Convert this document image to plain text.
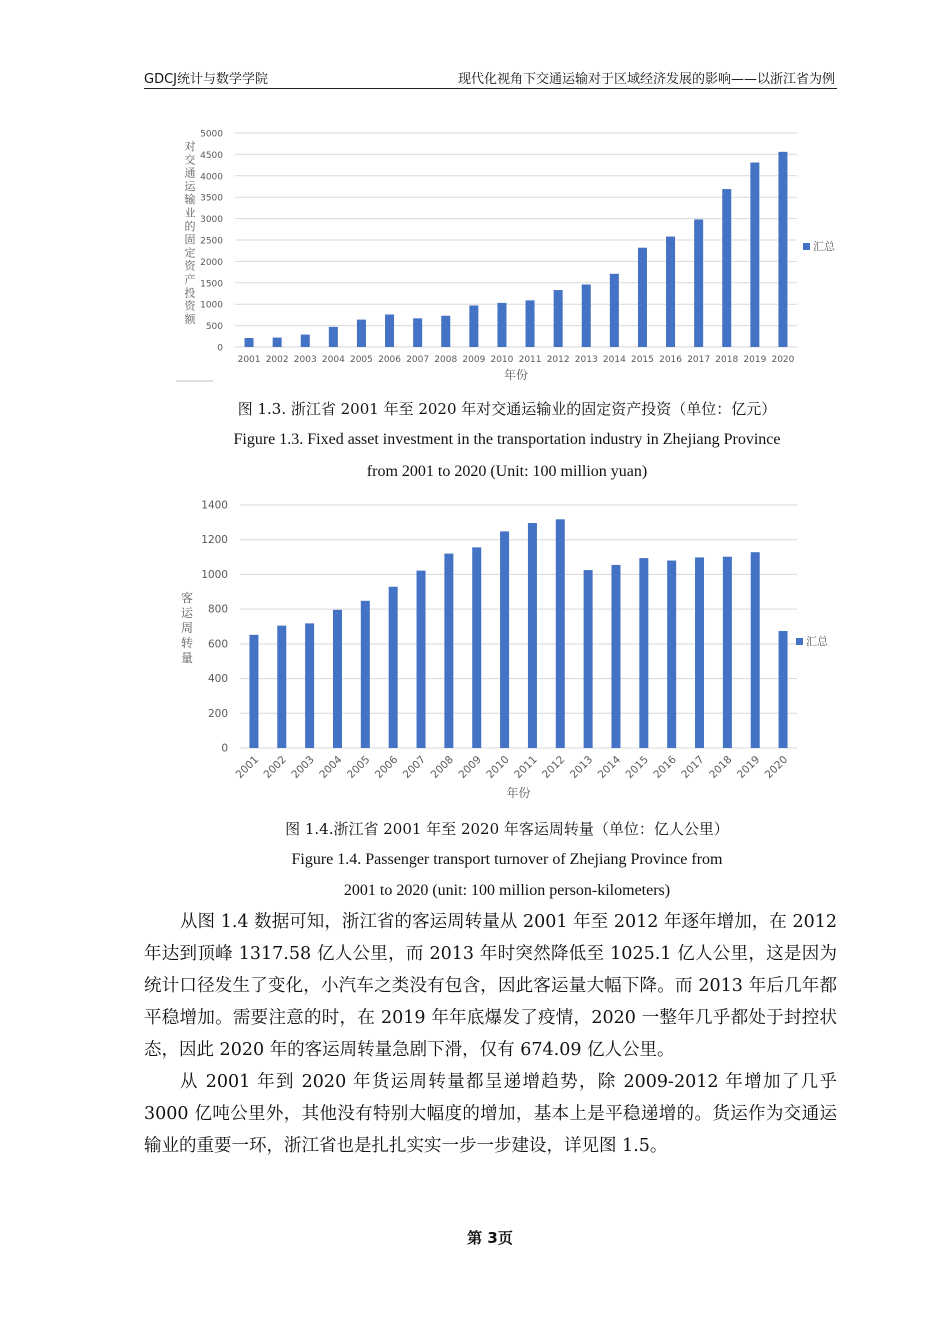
GDCJ统计与数学学院	现代化视角下交通运输对于区域经济发展的影响——以浙江省为例
0
500
1000
1500
2000
2500
3000
3500
4000
4500
5000
2001 2002 2003 2004 2005 2006 2007 2008 2009 2010 2011 2012 2013 2014 2015 2016 2017 2018 2019 2020
年份
对交通运输业的固定资产投资额
汇总
图 1.3. 浙江省 2001 年至 2020 年对交通运输业的固定资产投资（单位：亿元）
Figure 1.3. Fixed asset investment in the transportation industry in Zhejiang Province
from 2001 to 2020 (Unit: 100 million yuan)
0
200
400
600
800
1000
1200
1400
2001 2002 2003 2004 2005 2006 2007 2008 2009 2010 2011 2012 2013 2014 2015 2016 2017 2018 2019 2020
年份
客运周转量
汇总
图 1.4.浙江省 2001 年至 2020 年客运周转量（单位：亿人公里）
Figure 1.4. Passenger transport turnover of Zhejiang Province from
2001 to 2020 (unit: 100 million person-kilometers)

从图 1.4 数据可知，浙江省的客运周转量从 2001 年至 2012 年逐年增加，在 2012 年达到顶峰 1317.58 亿人公里，而 2013 年时突然降低至 1025.1 亿人公里，这是因为统计口径发生了变化，小汽车之类没有包含，因此客运量大幅下降。而 2013 年后几年都平稳增加。需要注意的时，在 2019 年年底爆发了疫情，2020 一整年几乎都处于封控状态，因此 2020 年的客运周转量急剧下滑，仅有 674.09 亿人公里。

从 2001 年到 2020 年货运周转量都呈递增趋势，除 2009-2012 年增加了几乎 3000 亿吨公里外，其他没有特别大幅度的增加，基本上是平稳递增的。货运作为交通运输业的重要一环，浙江省也是扎扎实实一步一步建设，详见图 1.5。

第 3页
